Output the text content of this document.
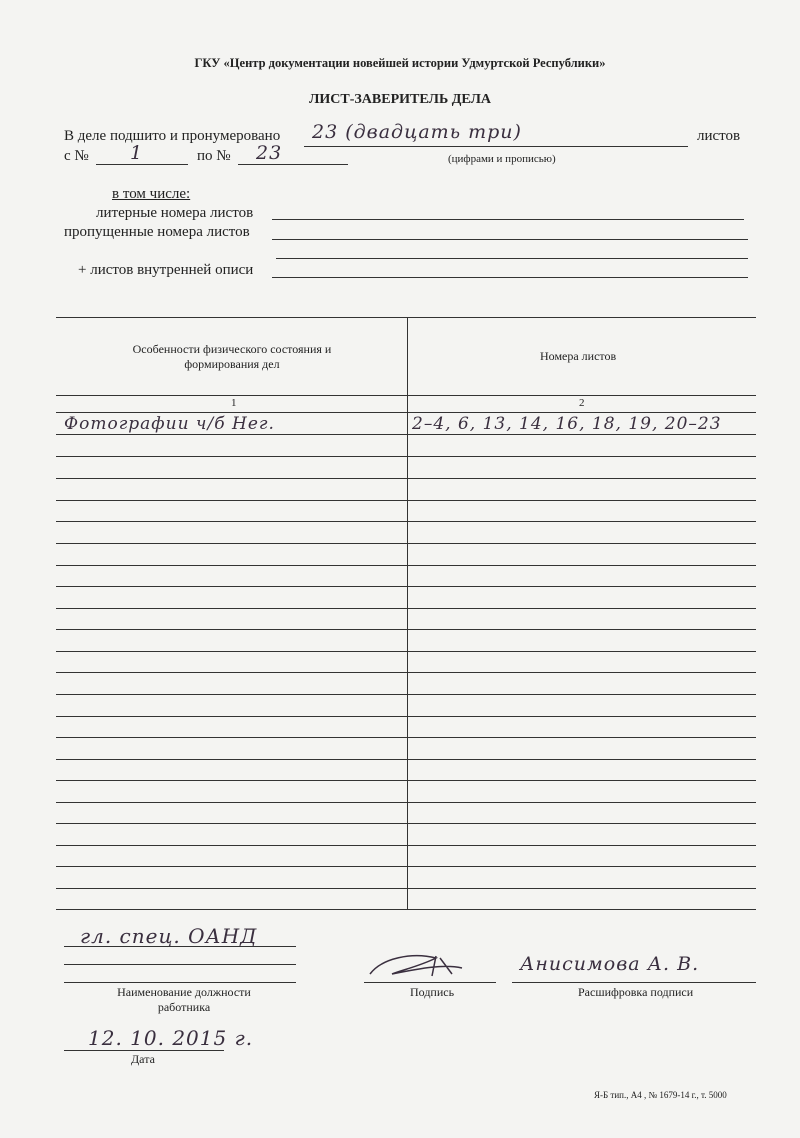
ГКУ «Центр документации новейшей истории Удмуртской Республики»
ЛИСТ-ЗАВЕРИТЕЛЬ ДЕЛА
В деле подшито и пронумеровано 23 (двадцать три)	листов
с № 1	по № 23	(цифрами и прописью)
в том числе:
литерные номера листов
пропущенные номера листов
+ листов внутренней описи
Особенности физического состояния и формирования дел
Номера листов
1	2
Фотографии ч/б Нег.	2–4, 6, 13, 14, 16, 18, 19, 20–23
гл. спец. ОАНД
Анисимова А. В.
Наименование должности работника
Подпись	Расшифровка подписи
12. 10. 2015 г.
Дата
Я-Б тип., А4 , № 1679-14 г., т. 5000
